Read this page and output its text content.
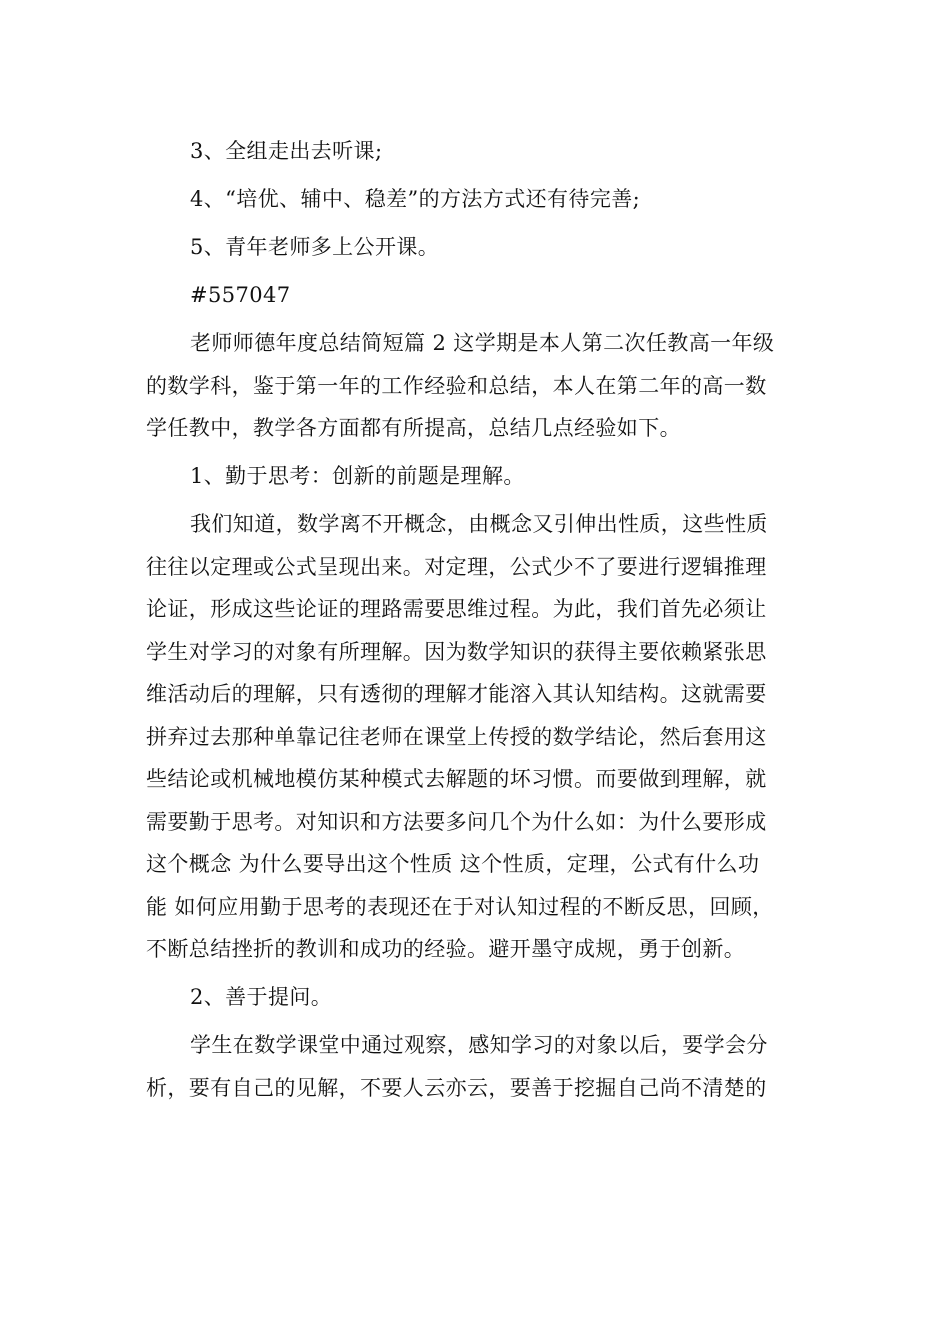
3、全组走出去听课;
4、“培优、辅中、稳差”的方法方式还有待完善;
5、青年老师多上公开课。
#557047
老师师德年度总结简短篇 2 这学期是本人第二次任教高一年级
的数学科，鉴于第一年的工作经验和总结，本人在第二年的高一数
学任教中，教学各方面都有所提高，总结几点经验如下。
1、勤于思考：创新的前题是理解。
我们知道，数学离不开概念，由概念又引伸出性质，这些性质
往往以定理或公式呈现出来。对定理，公式少不了要进行逻辑推理
论证，形成这些论证的理路需要思维过程。为此，我们首先必须让
学生对学习的对象有所理解。因为数学知识的获得主要依赖紧张思
维活动后的理解，只有透彻的理解才能溶入其认知结构。这就需要
拼弃过去那种单靠记往老师在课堂上传授的数学结论，然后套用这
些结论或机械地模仿某种模式去解题的坏习惯。而要做到理解，就
需要勤于思考。对知识和方法要多问几个为什么如：为什么要形成
这个概念 为什么要导出这个性质 这个性质，定理，公式有什么功
能 如何应用勤于思考的表现还在于对认知过程的不断反思，回顾，
不断总结挫折的教训和成功的经验。避开墨守成规，勇于创新。
2、善于提问。
学生在数学课堂中通过观察，感知学习的对象以后，要学会分
析，要有自己的见解，不要人云亦云，要善于挖掘自己尚不清楚的
